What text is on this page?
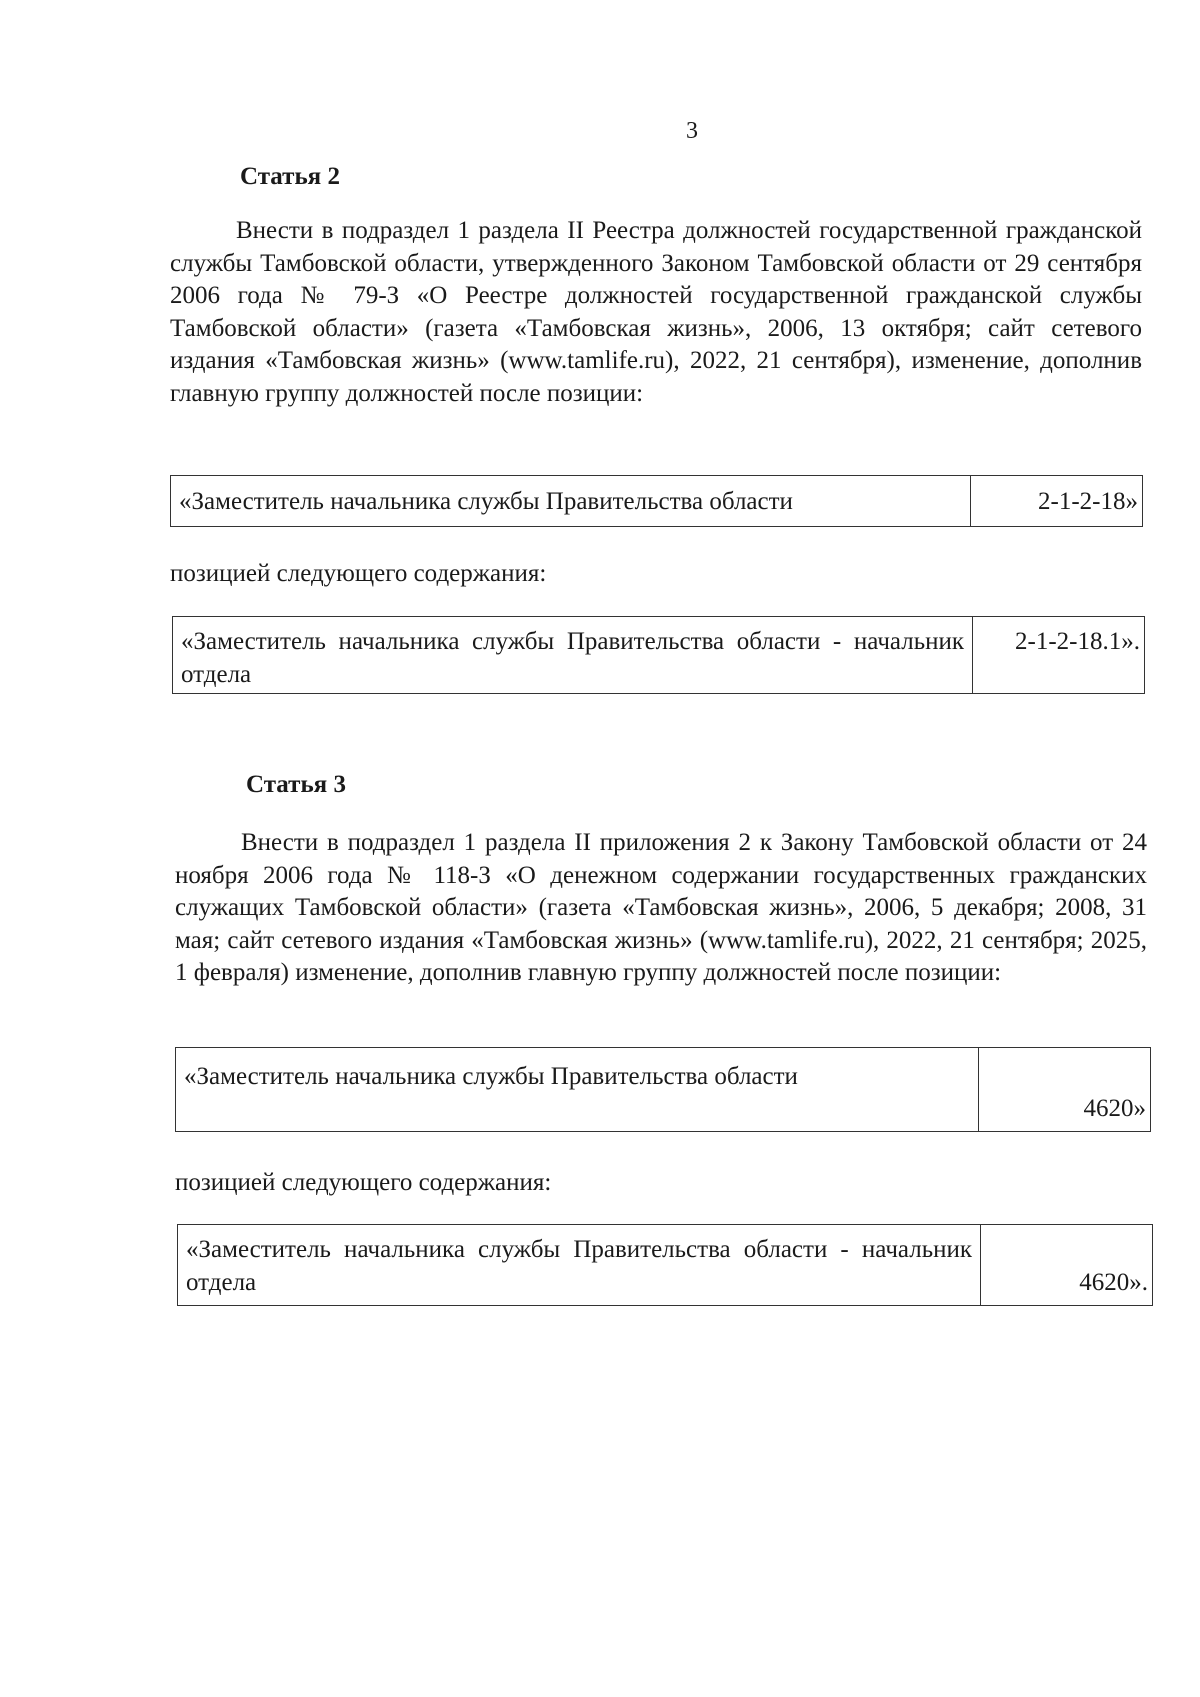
3
Статья 2

Внести в подраздел 1 раздела II Реестра должностей государственной гражданской службы Тамбовской области, утвержденного Законом Тамбовской области от 29 сентября 2006 года № 79-З «О Реестре должностей государственной гражданской службы Тамбовской области» (газета «Тамбовская жизнь», 2006, 13 октября; сайт сетевого издания «Тамбовская жизнь» (www.tamlife.ru), 2022, 21 сентября), изменение, дополнив главную группу должностей после позиции:

«Заместитель начальника службы Правительства области	2-1-2-18»
позицией следующего содержания:
«Заместитель начальника службы Правительства области - начальник отдела	2-1-2-18.1».
Статья 3

Внести в подраздел 1 раздела II приложения 2 к Закону Тамбовской области от 24 ноября 2006 года № 118-З «О денежном содержании государственных гражданских служащих Тамбовской области» (газета «Тамбовская жизнь», 2006, 5 декабря; 2008, 31 мая; сайт сетевого издания «Тамбовская жизнь» (www.tamlife.ru), 2022, 21 сентября; 2025, 1 февраля) изменение, дополнив главную группу должностей после позиции:

«Заместитель начальника службы Правительства области	4620»
позицией следующего содержания:
«Заместитель начальника службы Правительства области - начальник отдела	4620».
